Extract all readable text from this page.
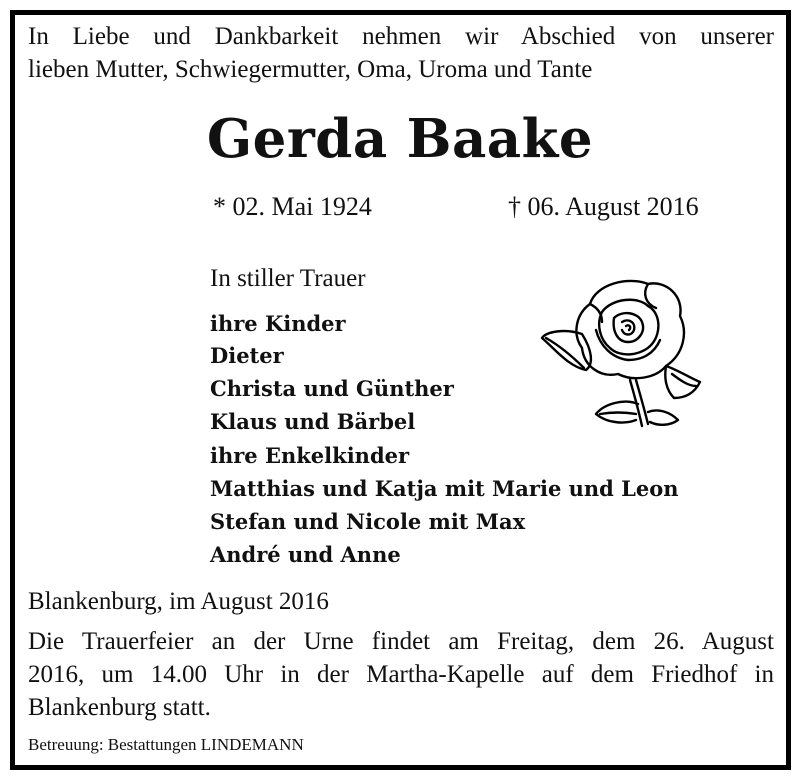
In Liebe und Dankbarkeit nehmen wir Abschied von unserer
lieben Mutter, Schwiegermutter, Oma, Uroma und Tante
Gerda Baake
* 02. Mai 1924	† 06. August 2016
In stiller Trauer
ihre Kinder
Dieter
Christa und Günther
Klaus und Bärbel
ihre Enkelkinder
Matthias und Katja mit Marie und Leon
Stefan und Nicole mit Max
André und Anne
Blankenburg, im August 2016
Die Trauerfeier an der Urne findet am Freitag, dem 26. August
2016, um 14.00 Uhr in der Martha-Kapelle auf dem Friedhof in
Blankenburg statt.
Betreuung: Bestattungen LINDEMANN
